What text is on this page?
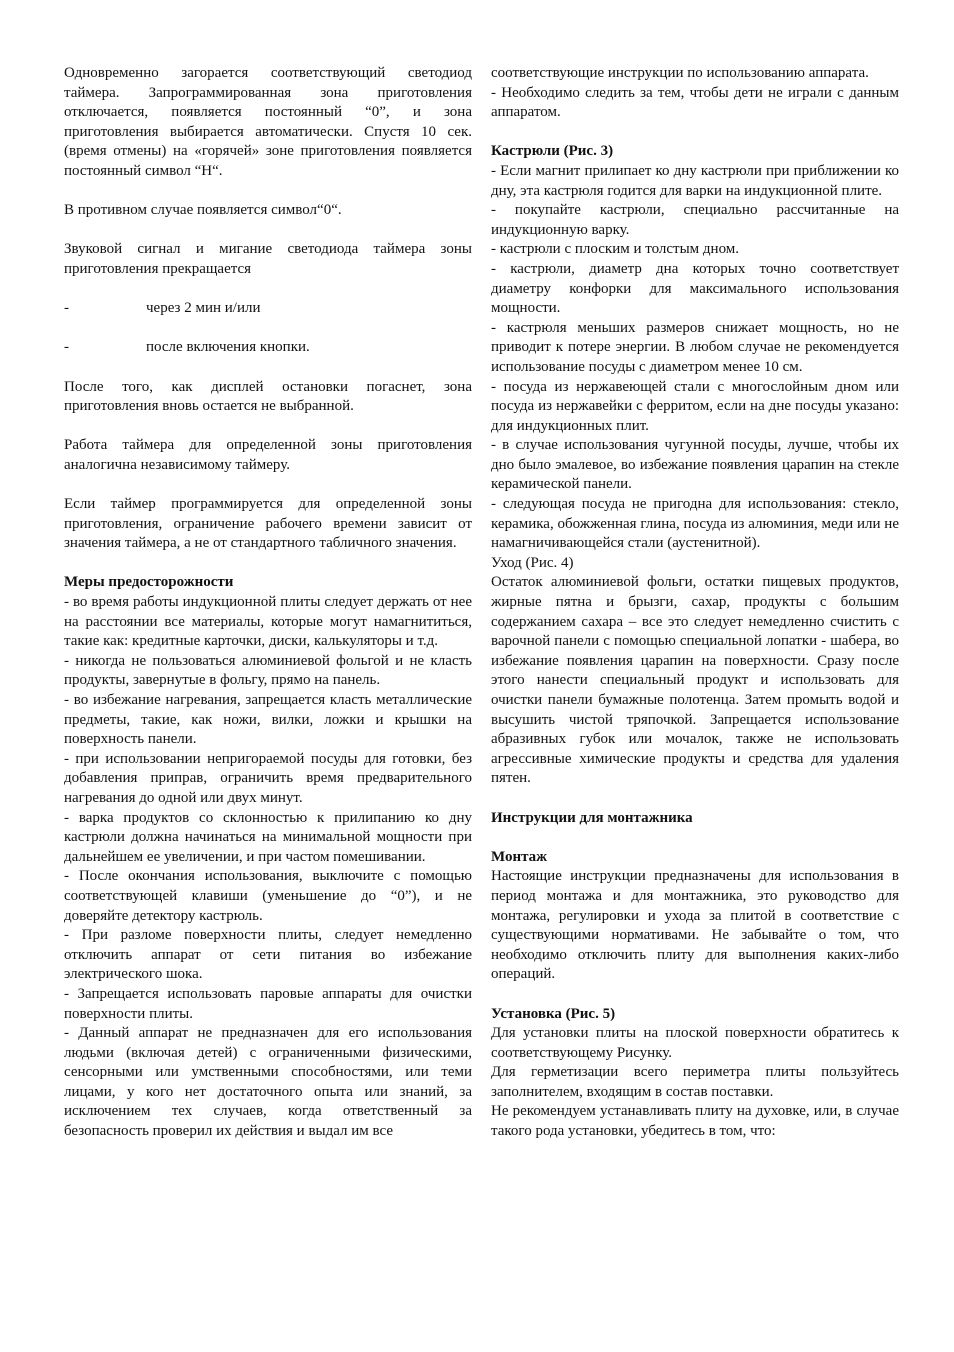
Одновременно загорается соответствующий светодиод таймера. Запрограммированная зона приготовления отключается, появляется постоянный “0”, и зона приготовления выбирается автоматически. Спустя 10 сек. (время отмены) на «горячей» зоне приготовления появляется постоянный символ “H“.

В противном случае появляется символ“0“.

Звуковой сигнал и мигание светодиода таймера зоны приготовления прекращается

-	через 2 мин и/или
-	после включения кнопки.

После того, как дисплей остановки погаснет, зона приготовления вновь остается не выбранной.

Работа таймера для определенной зоны приготовления аналогична независимому таймеру.

Если таймер программируется для определенной зоны приготовления, ограничение рабочего времени зависит от значения таймера, а не от стандартного табличного значения.

Меры предосторожности

- во время работы индукционной плиты следует держать от нее на расстоянии все материалы, которые могут намагнититься, такие как: кредитные карточки, диски, калькуляторы и т.д.

- никогда не пользоваться алюминиевой фольгой и не класть продукты, завернутые в фольгу, прямо на панель.

- во избежание нагревания, запрещается класть металлические предметы, такие, как ножи, вилки, ложки и крышки на поверхность панели.

- при использовании непригораемой посуды для готовки, без добавления приправ, ограничить время предварительного нагревания до одной или двух минут.

- варка продуктов со склонностью к прилипанию ко дну кастрюли должна начинаться на минимальной мощности при дальнейшем ее увеличении, и при частом помешивании.

- После окончания использования, выключите с помощью соответствующей клавиши (уменьшение до “0”), и не доверяйте детектору кастрюль.

- При разломе поверхности плиты, следует немедленно отключить аппарат от сети питания во избежание электрического шока.

- Запрещается использовать паровые аппараты для очистки поверхности плиты.

- Данный аппарат не предназначен для его использования людьми (включая детей) с ограниченными физическими, сенсорными или умственными способностями, или теми лицами, у кого нет достаточного опыта или знаний, за исключением тех случаев, когда ответственный за безопасность проверил их действия и выдал им все

соответствующие инструкции по использованию аппарата.

- Необходимо следить за тем, чтобы дети не играли с данным аппаратом.

Кастрюли (Рис. 3)

- Если магнит прилипает ко дну кастрюли при приближении ко дну, эта кастрюля годится для варки на индукционной плите.

- покупайте кастрюли, специально рассчитанные на индукционную варку.

- кастрюли с плоским и толстым дном.

- кастрюли, диаметр дна которых точно соответствует диаметру конфорки для максимального использования мощности.

- кастрюля меньших размеров снижает мощность, но не приводит к потере энергии. В любом случае не рекомендуется использование посуды с диаметром менее 10 см.

- посуда из нержавеющей стали с многослойным дном или посуда из нержавейки с ферритом, если на дне посуды указано: для индукционных плит.

- в случае использования чугунной посуды, лучше, чтобы их дно было эмалевое, во избежание появления царапин на стекле керамической панели.

- следующая посуда не пригодна для использования: стекло, керамика, обожженная глина, посуда из алюминия, меди или не намагничивающейся стали (аустенитной).

Уход (Рис. 4)

Остаток алюминиевой фольги, остатки пищевых продуктов, жирные пятна и брызги, сахар, продукты с большим содержанием сахара – все это следует немедленно счистить с варочной панели с помощью специальной лопатки - шабера, во избежание появления царапин на поверхности. Сразу после этого нанести специальный продукт и использовать для очистки панели бумажные полотенца. Затем промыть водой и высушить чистой тряпочкой. Запрещается использование абразивных губок или мочалок, также не использовать агрессивные химические продукты и средства для удаления пятен.

Инструкции для монтажника

Монтаж

Настоящие инструкции предназначены для использования в период монтажа и для монтажника, это руководство для монтажа, регулировки и ухода за плитой в соответствие с существующими нормативами. Не забывайте о том, что необходимо отключить плиту для выполнения каких-либо операций.

Установка (Рис. 5)

Для установки плиты на плоской поверхности обратитесь к соответствующему Рисунку.

Для герметизации всего периметра плиты пользуйтесь заполнителем, входящим в состав поставки.

Не рекомендуем устанавливать плиту на духовке, или, в случае такого рода установки, убедитесь в том, что:
